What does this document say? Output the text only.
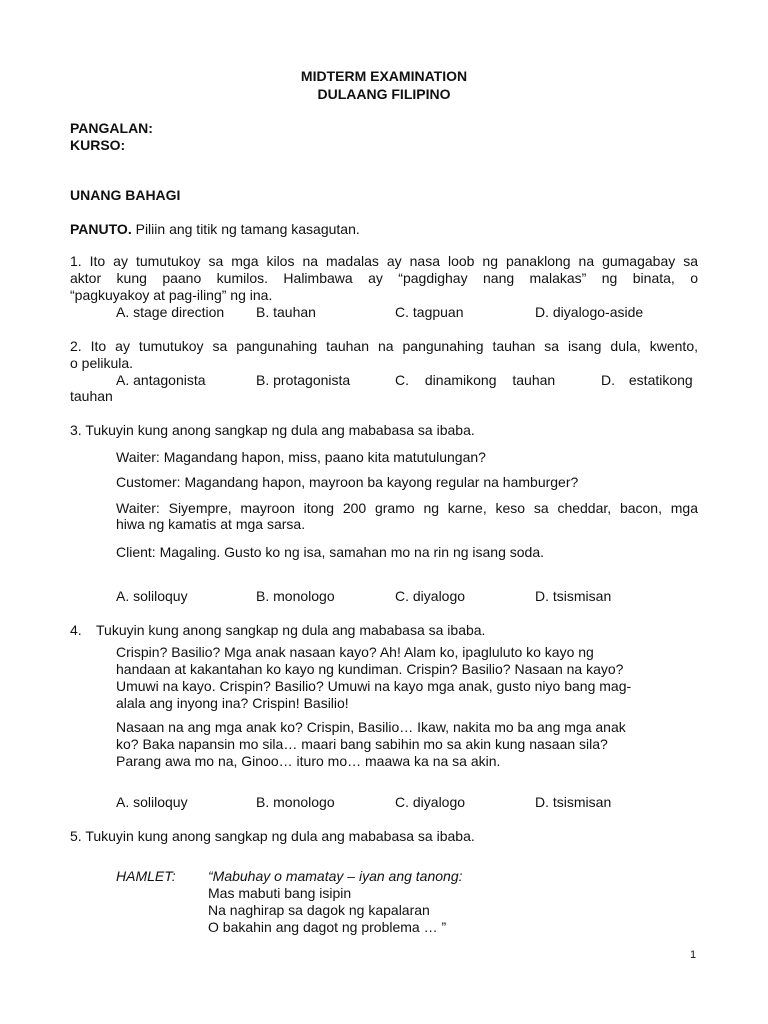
MIDTERM EXAMINATION
DULAANG FILIPINO
PANGALAN:
KURSO:
UNANG BAHAGI
PANUTO. Piliin ang titik ng tamang kasagutan.
1. Ito ay tumutukoy sa mga kilos na madalas ay nasa loob ng panaklong na gumagabay sa
aktor kung paano kumilos. Halimbawa ay “pagdighay nang malakas” ng binata, o
“pagkuyakoy at pag-iling” ng ina.
A. stage direction B. tauhan	C. tagpuan	D. diyalogo-aside
2. Ito ay tumutukoy sa pangunahing tauhan na pangunahing tauhan sa isang dula, kwento,
o pelikula.
A. antagonista	B. protagonista	C. dinamikong tauhan	D. estatikong
tauhan
3. Tukuyin kung anong sangkap ng dula ang mababasa sa ibaba.
Waiter: Magandang hapon, miss, paano kita matutulungan?
Customer: Magandang hapon, mayroon ba kayong regular na hamburger?
Waiter: Siyempre, mayroon itong 200 gramo ng karne, keso sa cheddar, bacon, mga
hiwa ng kamatis at mga sarsa.
Client: Magaling. Gusto ko ng isa, samahan mo na rin ng isang soda.
A. soliloquy	B. monologo	C. diyalogo	D. tsismisan
4. Tukuyin kung anong sangkap ng dula ang mababasa sa ibaba.
Crispin? Basilio? Mga anak nasaan kayo? Ah! Alam ko, ipagluluto ko kayo ng
handaan at kakantahan ko kayo ng kundiman. Crispin? Basilio? Nasaan na kayo?
Umuwi na kayo. Crispin? Basilio? Umuwi na kayo mga anak, gusto niyo bang mag-
alala ang inyong ina? Crispin! Basilio!
Nasaan na ang mga anak ko? Crispin, Basilio… Ikaw, nakita mo ba ang mga anak
ko? Baka napansin mo sila… maari bang sabihin mo sa akin kung nasaan sila?
Parang awa mo na, Ginoo… ituro mo… maawa ka na sa akin.
A. soliloquy	B. monologo	C. diyalogo	D. tsismisan
5. Tukuyin kung anong sangkap ng dula ang mababasa sa ibaba.
HAMLET: “Mabuhay o mamatay – iyan ang tanong:
Mas mabuti bang isipin
Na naghirap sa dagok ng kapalaran
O bakahin ang dagot ng problema … ”
1
